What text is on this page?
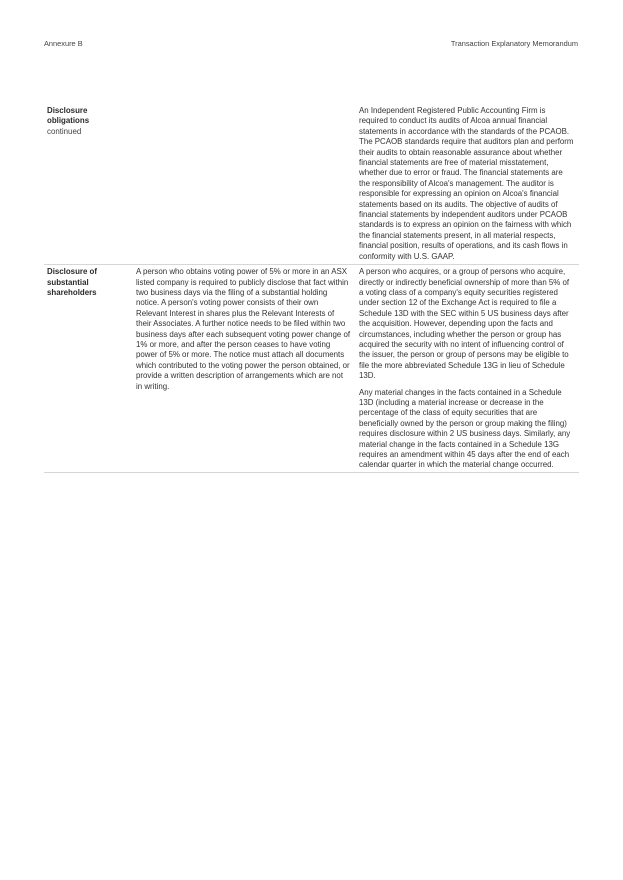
Annexure B	Transaction Explanatory Memorandum
Disclosure
obligations
continued

An Independent Registered Public Accounting Firm is required to conduct its audits of Alcoa annual financial statements in accordance with the standards of the PCAOB. The PCAOB standards require that auditors plan and perform their audits to obtain reasonable assurance about whether financial statements are free of material misstatement, whether due to error or fraud. The financial statements are the responsibility of Alcoa's management. The auditor is responsible for expressing an opinion on Alcoa's financial statements based on its audits. The objective of audits of financial statements by independent auditors under PCAOB standards is to express an opinion on the fairness with which the financial statements present, in all material respects, financial position, results of operations, and its cash flows in conformity with U.S. GAAP.

Disclosure of
substantial
shareholders

A person who obtains voting power of 5% or more in an ASX listed company is required to publicly disclose that fact within two business days via the filing of a substantial holding notice. A person's voting power consists of their own Relevant Interest in shares plus the Relevant Interests of their Associates. A further notice needs to be filed within two business days after each subsequent voting power change of 1% or more, and after the person ceases to have voting power of 5% or more. The notice must attach all documents which contributed to the voting power the person obtained, or provide a written description of arrangements which are not in writing.

A person who acquires, or a group of persons who acquire, directly or indirectly beneficial ownership of more than 5% of a voting class of a company's equity securities registered under section 12 of the Exchange Act is required to file a Schedule 13D with the SEC within 5 US business days after the acquisition. However, depending upon the facts and circumstances, including whether the person or group has acquired the security with no intent of influencing control of the issuer, the person or group of persons may be eligible to file the more abbreviated Schedule 13G in lieu of Schedule 13D.

Any material changes in the facts contained in a Schedule 13D (including a material increase or decrease in the percentage of the class of equity securities that are beneficially owned by the person or group making the filing) requires disclosure within 2 US business days. Similarly, any material change in the facts contained in a Schedule 13G requires an amendment within 45 days after the end of each calendar quarter in which the material change occurred.
